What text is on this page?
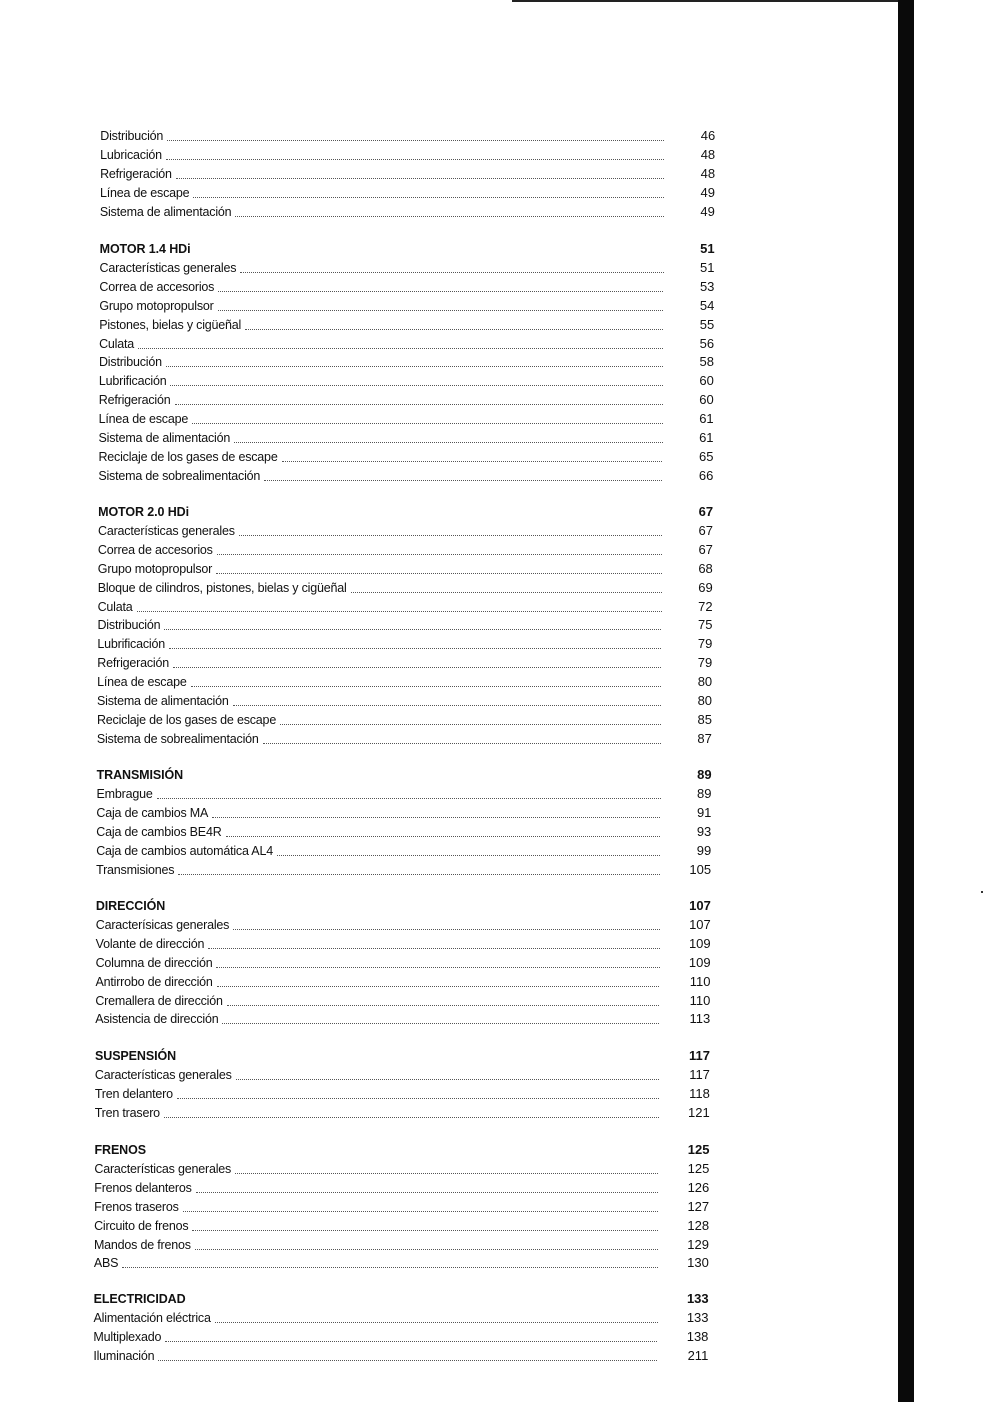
Distribución	46
Lubricación	48
Refrigeración	48
Línea de escape	49
Sistema de alimentación	49
MOTOR 1.4 HDi	51
Características generales	51
Correa de accesorios	53
Grupo motopropulsor	54
Pistones, bielas y cigüeñal	55
Culata	56
Distribución	58
Lubrificación	60
Refrigeración	60
Línea de escape	61
Sistema de alimentación	61
Reciclaje de los gases de escape	65
Sistema de sobrealimentación	66
MOTOR 2.0 HDi	67
Características generales	67
Correa de accesorios	67
Grupo motopropulsor	68
Bloque de cilindros, pistones, bielas y cigüeñal	69
Culata	72
Distribución	75
Lubrificación	79
Refrigeración	79
Línea de escape	80
Sistema de alimentación	80
Reciclaje de los gases de escape	85
Sistema de sobrealimentación	87
TRANSMISIÓN	89
Embrague	89
Caja de cambios MA	91
Caja de cambios BE4R	93
Caja de cambios automática AL4	99
Transmisiones	105
DIRECCIÓN	107
Caracterísicas generales	107
Volante de dirección	109
Columna de dirección	109
Antirrobo de dirección	110
Cremallera de dirección	110
Asistencia de dirección	113
SUSPENSIÓN	117
Características generales	117
Tren delantero	118
Tren trasero	121
FRENOS	125
Características generales	125
Frenos delanteros	126
Frenos traseros	127
Circuito de frenos	128
Mandos de frenos	129
ABS	130
ELECTRICIDAD	133
Alimentación eléctrica	133
Multiplexado	138
Iluminación	211
